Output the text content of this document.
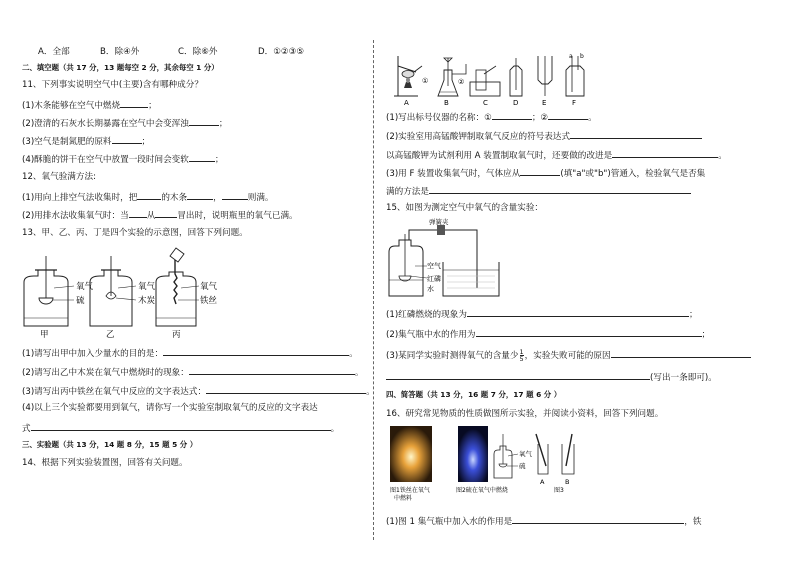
A．全部	B．除④外	C．除⑥外	D．①②③⑤
二、填空题（共 17 分，13 题每空 2 分，其余每空 1 分）
11、下列事实说明空气中(主要)含有哪种成分？
(1)木条能够在空气中燃烧	；
(2)澄清的石灰水长期暴露在空气中会变浑浊	；
(3)空气是制氮肥的原料	；
(4)酥脆的饼干在空气中放置一段时间会变软	；
12、氧气验满方法:
(1)用向上排空气法收集时，把	的木条	，	则满。
(2)用排水法收集氧气时：当 从	冒出时，说明瓶里的氧气已满。
13、甲、乙、丙、丁是四个实验的示意图，回答下列问题。
氧气
硫
甲
氧气
木炭
乙
氧气
铁丝
丙
(1)请写出甲中加入少量水的目的是：	。
(2)请写出乙中木炭在氧气中燃烧时的现象：	。
(3)请写出丙中铁丝在氧气中反应的文字表达式：	。
(4)以上三个实验都要用到氧气，请你写一个实验室制取氧气的反应的文字表达
式	。
三、实验题（共 13 分，14 题 8 分，15 题 5 分 ）
14、根据下列实验装置图，回答有关问题。
A
①
B
②
C	D	E
a b
F
(1)写出标号仪器的名称：①	；②	。
(2)实验室用高锰酸钾制取氧气反应的符号表达式
以高锰酸钾为试剂利用 A 装置制取氧气时，还要做的改进是	。
(3)用 F 装置收集氧气时，气体应从	(填"a"或"b")管通入，检验氧气是否集
满的方法是
15、如图为测定空气中氧气的含量实验：
空气
红磷
水
弹簧夹
(1)红磷燃烧的现象为	；
(2)集气瓶中水的作用为	；
(3)某同学实验时测得氧气的含量少 $\frac{1}{5}$ ，实验失败可能的原因
(写出一条即可)。
四、简答题（共 13 分，16 题 7 分，17 题 6 分 ）
16、研究常见物质的性质做图所示实验，并阅读小资料，回答下列问题。
氧气
硫
A	B
图1铁丝在氧气
中燃料
图2硫在氧气中燃烧	图3
(1)图 1 集气瓶中加入水的作用是	，铁
